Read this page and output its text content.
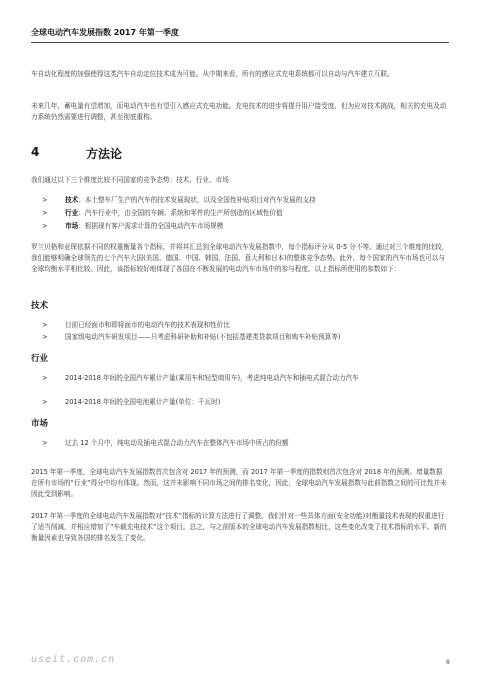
全球电动汽车发展指数 2017 年第一季度
车自动化程度的加强使得这类汽车自动定位技术成为可能。从中期来看，所有的感应式充电系统都可以自动与汽车建立互联。
未来几年，蓄电量有望增加，而电动汽车也有望引入感应式充电功能。充电技术的进步将提升用户接受度，但为应对技术挑战，相关的充电及动力系统仍然需要进行调整，甚至彻底重构。
4	方法论
我们通过以下三个维度比较不同国家的竞争态势：技术、行业、市场
>	技术：本土整车厂生产的汽车的技术发展现状，以及全国性补贴项目对汽车发展的支持
>	行业：汽车行业中，由全国的车辆、系统和零件的生产所创造的区域性价值
>	市场：根据现有客户需求计算的全国电动汽车市场规模
罗兰贝格和亚琛依据不同的权重衡量各个指标，并将其汇总到全球电动汽车发展指数中，每个指标评分从 0-5 分不等。通过对三个维度的比较，我们能够明确全球领先的七个汽车大国(美国、德国、中国、韩国、法国、意大利和日本)的整体竞争态势。此外，每个国家的汽车市场也可以与全球均衡水平相比较。因此，该指标较好地体现了各国在不断发展的电动汽车市场中的参与程度。以上指标所使用的参数如下：
技术
>	目前已经面市和即将面市的电动汽车的技术表现和性价比
>	国家级电动汽车研发项目——只考虑科研补助和补贴(不包括基建类贷款项目和购车补贴预算等)
行业
>	2014-2018 年间的全国汽车累计产量(乘用车和轻型商用车)，考虑纯电动汽车和插电式混合动力汽车
>	2014-2018 年间的全国电池累计产量(单位：千瓦时)
市场
>	过去 12 个月中，纯电动及插电式混合动力汽车在整体汽车市场中所占的份额
2015 年第一季度，全球电动汽车发展指数首次包含对 2017 年的预测，而 2017 年第一季度的指数则首次包含对 2018 年的预测。增量数据在所有市场的“行业”得分中均有体现。然而，这并未影响不同市场之间的排名变化，因此，全球电动汽车发展指数与此前指数之间的可比性并未因此受到影响。
2017 年第一季度的全球电动汽车发展指数对“技术”指标的计算方法进行了调整。我们针对一些具体方面(安全功能)对衡量技术表现的权重进行了适当削减，并相应增加了“车载充电技术”这个项目。总之，与之前版本的全球电动汽车发展指数相比，这些变化改变了技术指标的水平。新的衡量因素也导致各国的排名发生了变化。
useit.com.cn	8
